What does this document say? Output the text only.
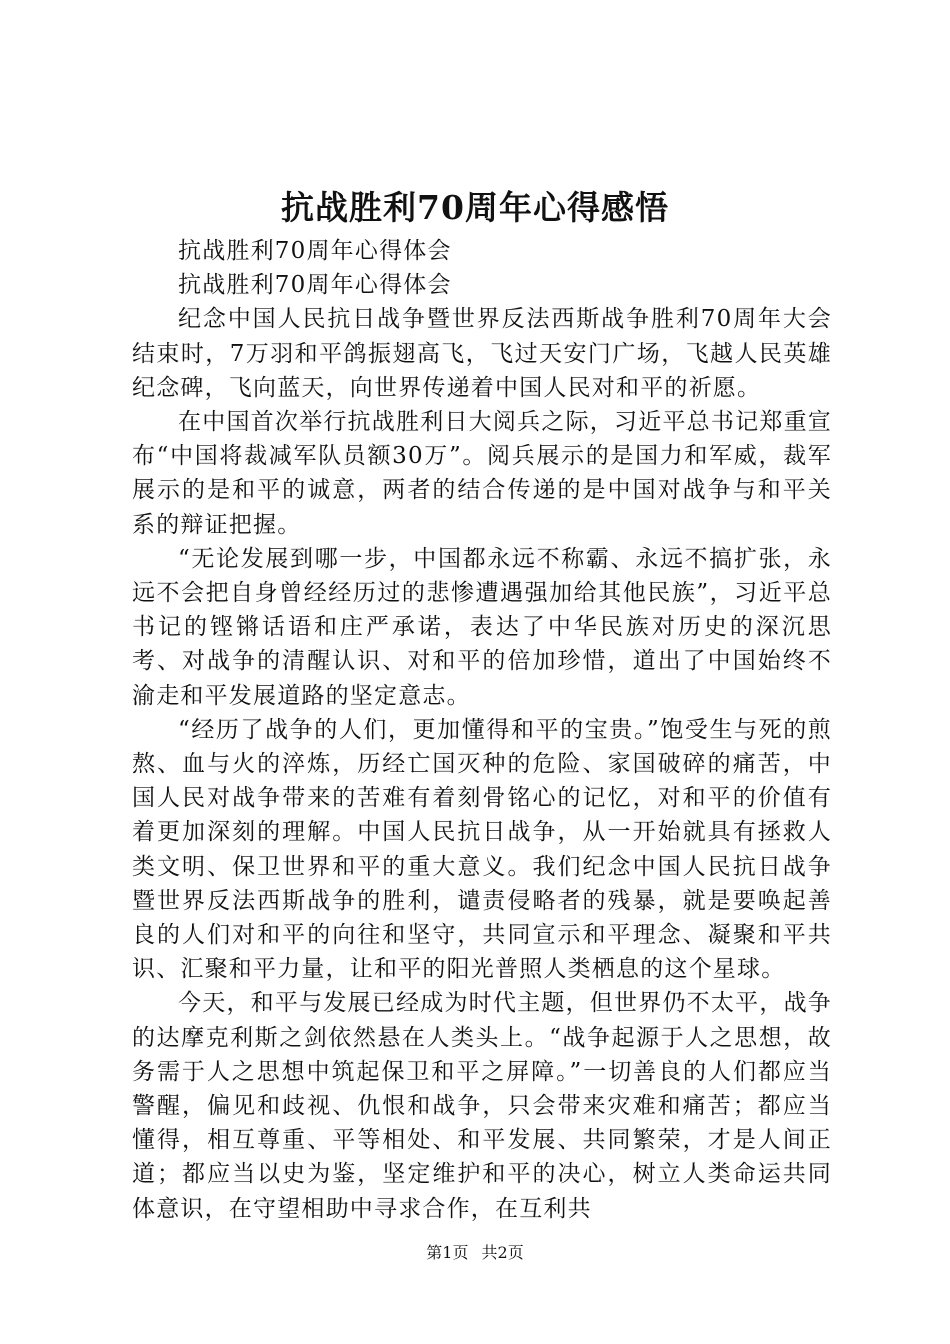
抗战胜利70周年心得感悟

抗战胜利70周年心得体会

抗战胜利70周年心得体会

纪念中国人民抗日战争暨世界反法西斯战争胜利70周年大会结束时，7万羽和平鸽振翅高飞，飞过天安门广场，飞越人民英雄纪念碑，飞向蓝天，向世界传递着中国人民对和平的祈愿。

在中国首次举行抗战胜利日大阅兵之际，习近平总书记郑重宣布“中国将裁减军队员额30万”。阅兵展示的是国力和军威，裁军展示的是和平的诚意，两者的结合传递的是中国对战争与和平关系的辩证把握。

“无论发展到哪一步，中国都永远不称霸、永远不搞扩张，永远不会把自身曾经经历过的悲惨遭遇强加给其他民族”，习近平总书记的铿锵话语和庄严承诺，表达了中华民族对历史的深沉思考、对战争的清醒认识、对和平的倍加珍惜，道出了中国始终不渝走和平发展道路的坚定意志。

“经历了战争的人们，更加懂得和平的宝贵。”饱受生与死的煎熬、血与火的淬炼，历经亡国灭种的危险、家国破碎的痛苦，中国人民对战争带来的苦难有着刻骨铭心的记忆，对和平的价值有着更加深刻的理解。中国人民抗日战争，从一开始就具有拯救人类文明、保卫世界和平的重大意义。我们纪念中国人民抗日战争暨世界反法西斯战争的胜利，谴责侵略者的残暴，就是要唤起善良的人们对和平的向往和坚守，共同宣示和平理念、凝聚和平共识、汇聚和平力量，让和平的阳光普照人类栖息的这个星球。

今天，和平与发展已经成为时代主题，但世界仍不太平，战争的达摩克利斯之剑依然悬在人类头上。“战争起源于人之思想，故务需于人之思想中筑起保卫和平之屏障。”一切善良的人们都应当警醒，偏见和歧视、仇恨和战争，只会带来灾难和痛苦；都应当懂得，相互尊重、平等相处、和平发展、共同繁荣，才是人间正道；都应当以史为鉴，坚定维护和平的决心，树立人类命运共同体意识，在守望相助中寻求合作，在互利共

第1页 共2页
